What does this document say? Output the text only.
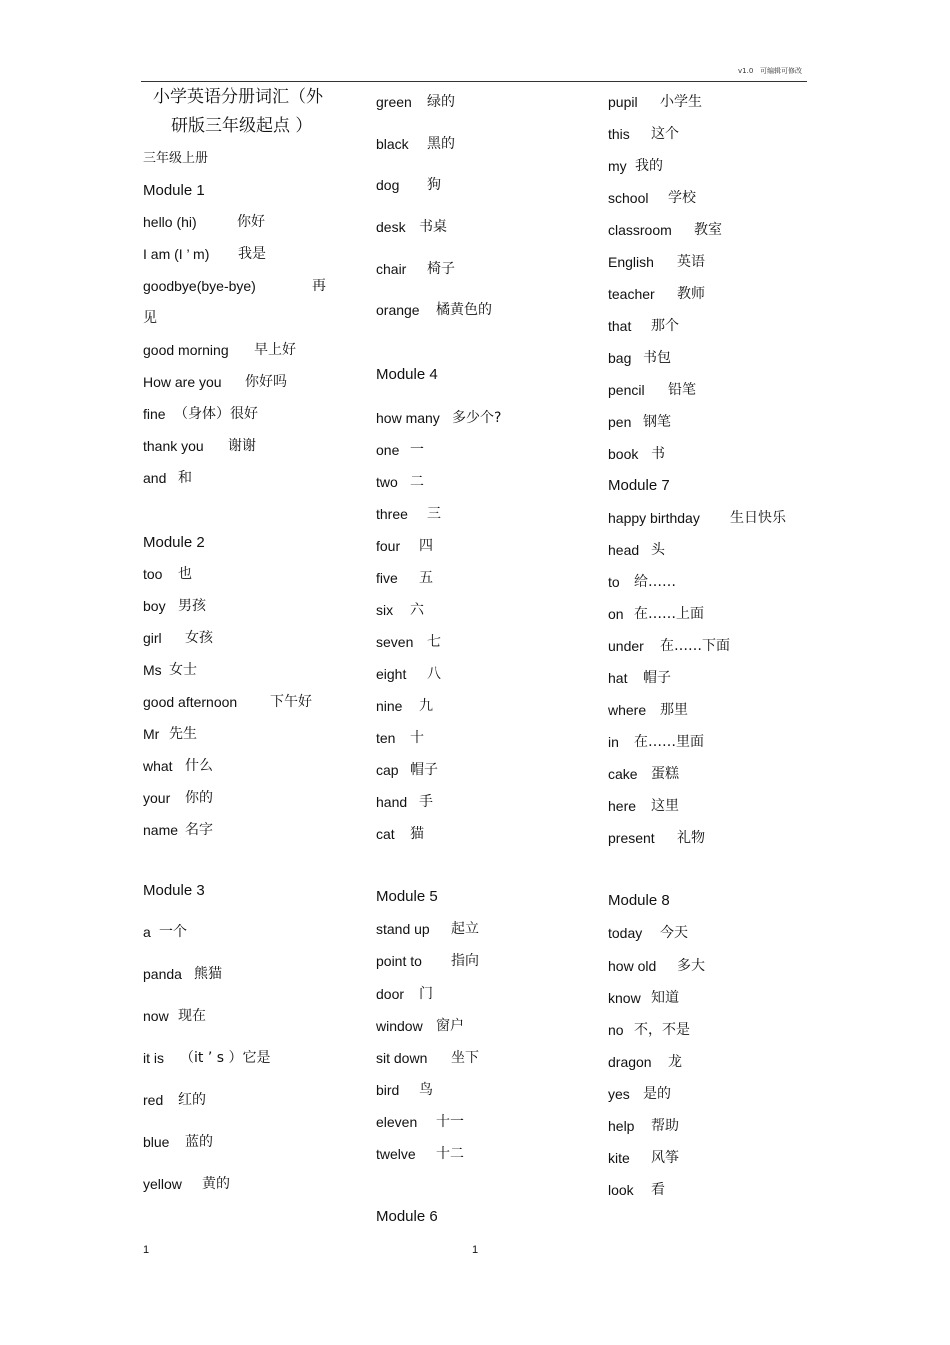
v1.0 可编辑可修改
小学英语分册词汇（外
研版三年级起点 ）
三年级上册
Module 1
hello (hi)	你好
I am (I ’ m) 我是
goodbye(bye-bye)	再
见
good morning 早上好
How are you 你好吗
fine （身体）很好
thank you 谢谢
and 和
Module 2
too 也
boy 男孩
girl 女孩
Ms 女士
good afternoon 下午好
Mr 先生
what 什么
your 你的
name 名字
Module 3
a 一个
panda 熊猫
now 现在
it is （it ’ s ）它是
red 红的
blue 蓝的
yellow 黄的
green 绿的
black 黑的
dog 狗
desk 书桌
chair 椅子
orange 橘黄色的
Module 4
how many 多少个?
one 一
two 二
three 三
four 四
five 五
six 六
seven 七
eight 八
nine 九
ten 十
cap 帽子
hand 手
cat 猫
Module 5
stand up 起立
point to 指向
door 门
window 窗户
sit down 坐下
bird 鸟
eleven 十一
twelve 十二
Module 6
pupil 小学生
this 这个
my 我的
school 学校
classroom 教室
English 英语
teacher 教师
that 那个
bag 书包
pencil 铅笔
pen 钢笔
book 书
Module 7
happy birthday 生日快乐
head 头
to 给……
on 在……上面
under 在……下面
hat 帽子
where 那里
in 在……里面
cake 蛋糕
here 这里
present 礼物
Module 8
today 今天
how old 多大
know 知道
no 不，不是
dragon 龙
yes 是的
help 帮助
kite 风筝
look 看
1	1
